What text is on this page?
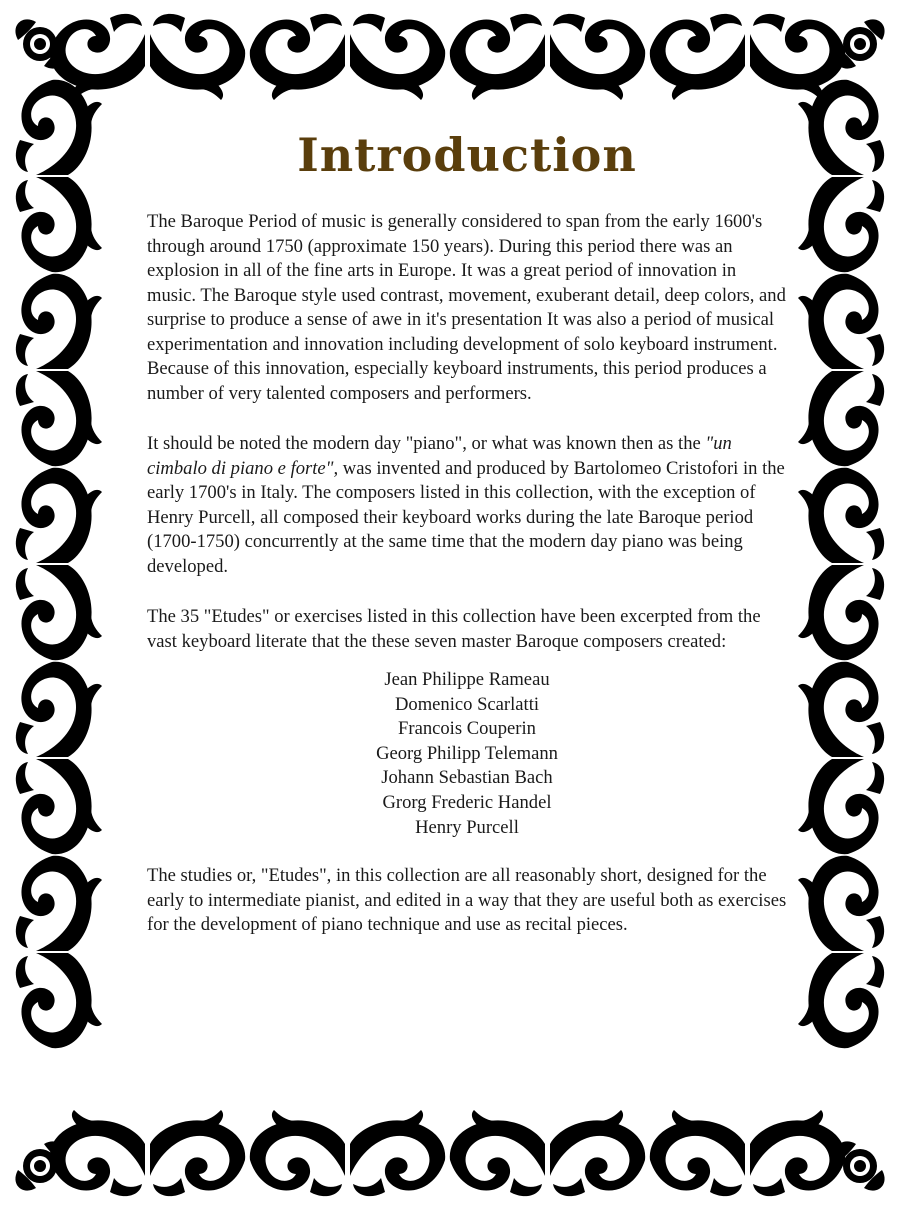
Introduction

The Baroque Period of music is generally considered to span from the early 1600's through around 1750 (approximate 150 years). During this period there was an explosion in all of the fine arts in Europe. It was a great period of innovation in music. The Baroque style used contrast, movement, exuberant detail, deep colors, and surprise to produce a sense of awe in it's presentation It was also a period of musical experimentation and innovation including development of solo keyboard instrument. Because of this innovation, especially keyboard instruments, this period produces a number of very talented composers and performers.

It should be noted the modern day "piano", or what was known then as the "un cimbalo di piano e forte", was invented and produced by Bartolomeo Cristofori in the early 1700's in Italy. The composers listed in this collection, with the exception of Henry Purcell, all composed their keyboard works during the late Baroque period (1700-1750) concurrently at the same time that the modern day piano was being developed.

The 35 "Etudes" or exercises listed in this collection have been excerpted from the vast keyboard literate that the these seven master Baroque composers created:

Jean Philippe Rameau
Domenico Scarlatti
Francois Couperin
Georg Philipp Telemann
Johann Sebastian Bach
Grorg Frederic Handel
Henry Purcell

The studies or, "Etudes", in this collection are all reasonably short, designed for the early to intermediate pianist, and edited in a way that they are useful both as exercises for the development of piano technique and use as recital pieces.
